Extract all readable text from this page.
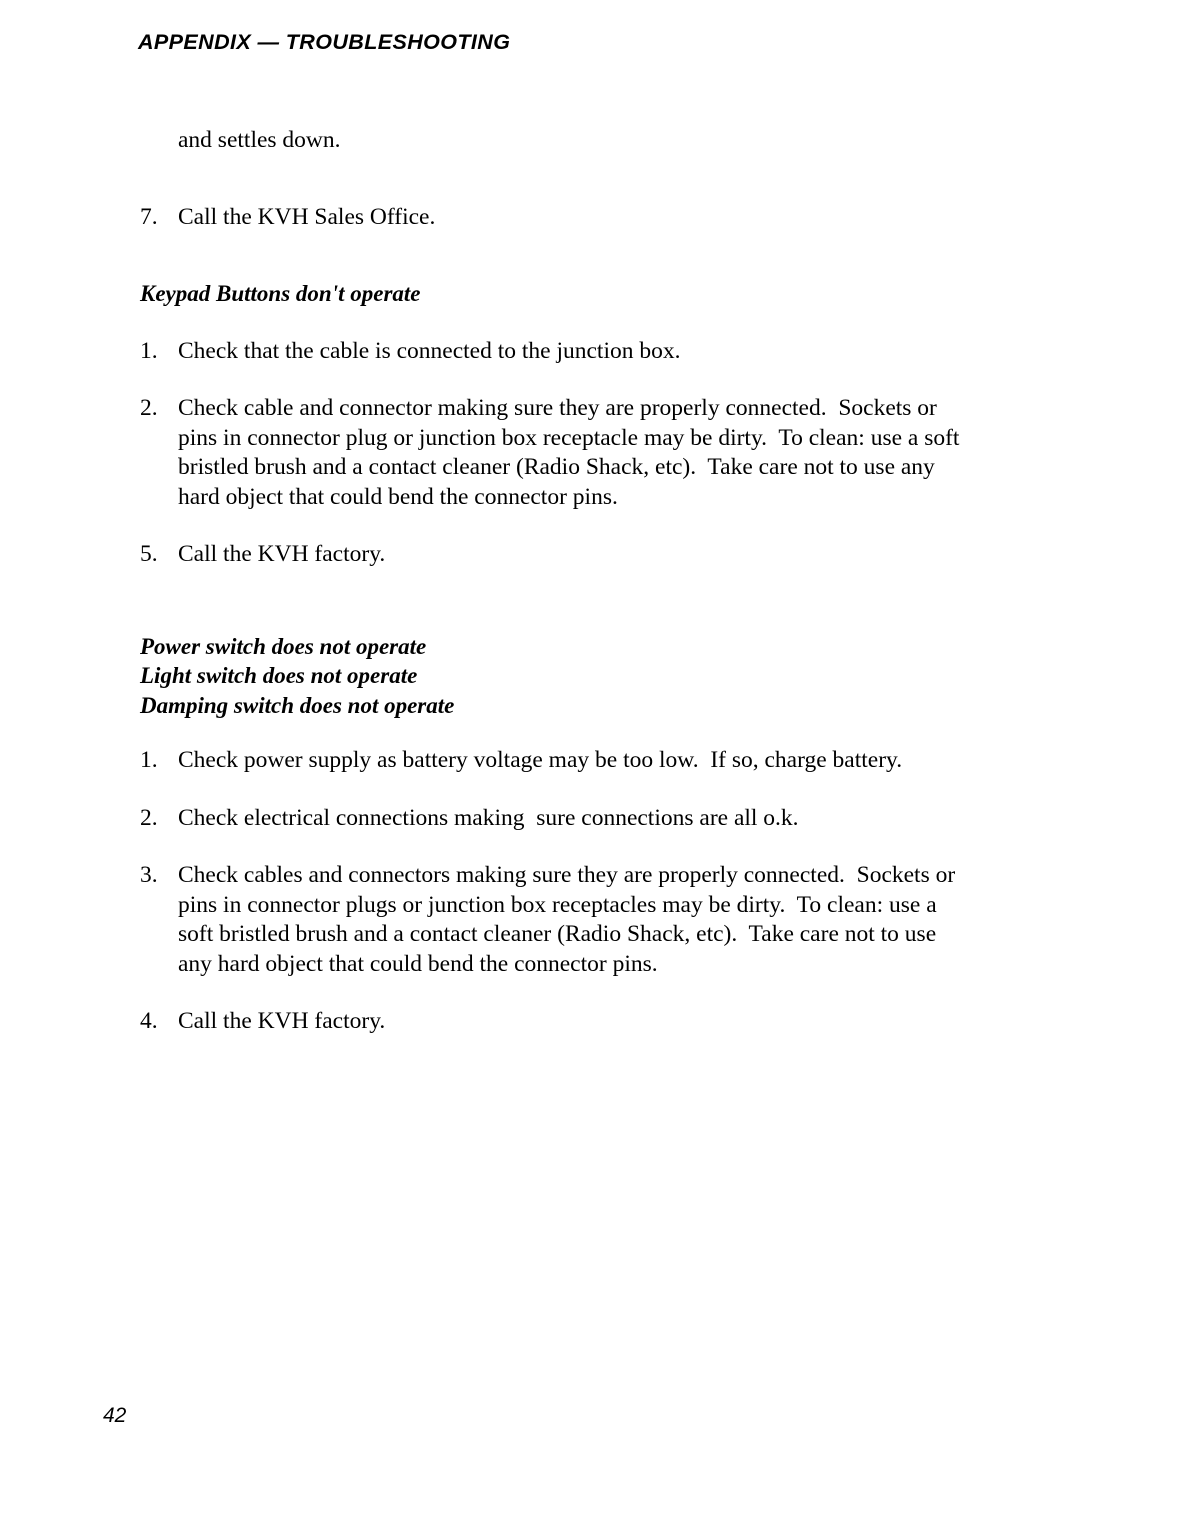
APPENDIX — TROUBLESHOOTING
and settles down.
7. Call the KVH Sales Office.
Keypad Buttons don't operate
1. Check that the cable is connected to the junction box.
2. Check cable and connector making sure they are properly connected.  Sockets or
pins in connector plug or junction box receptacle may be dirty.  To clean: use a soft
bristled brush and a contact cleaner (Radio Shack, etc).  Take care not to use any
hard object that could bend the connector pins.
5. Call the KVH factory.
Power switch does not operate
Light switch does not operate
Damping switch does not operate
1. Check power supply as battery voltage may be too low.  If so, charge battery.
2. Check electrical connections making  sure connections are all o.k.
3. Check cables and connectors making sure they are properly connected.  Sockets or
pins in connector plugs or junction box receptacles may be dirty.  To clean: use a
soft bristled brush and a contact cleaner (Radio Shack, etc).  Take care not to use
any hard object that could bend the connector pins.
4. Call the KVH factory.
42
